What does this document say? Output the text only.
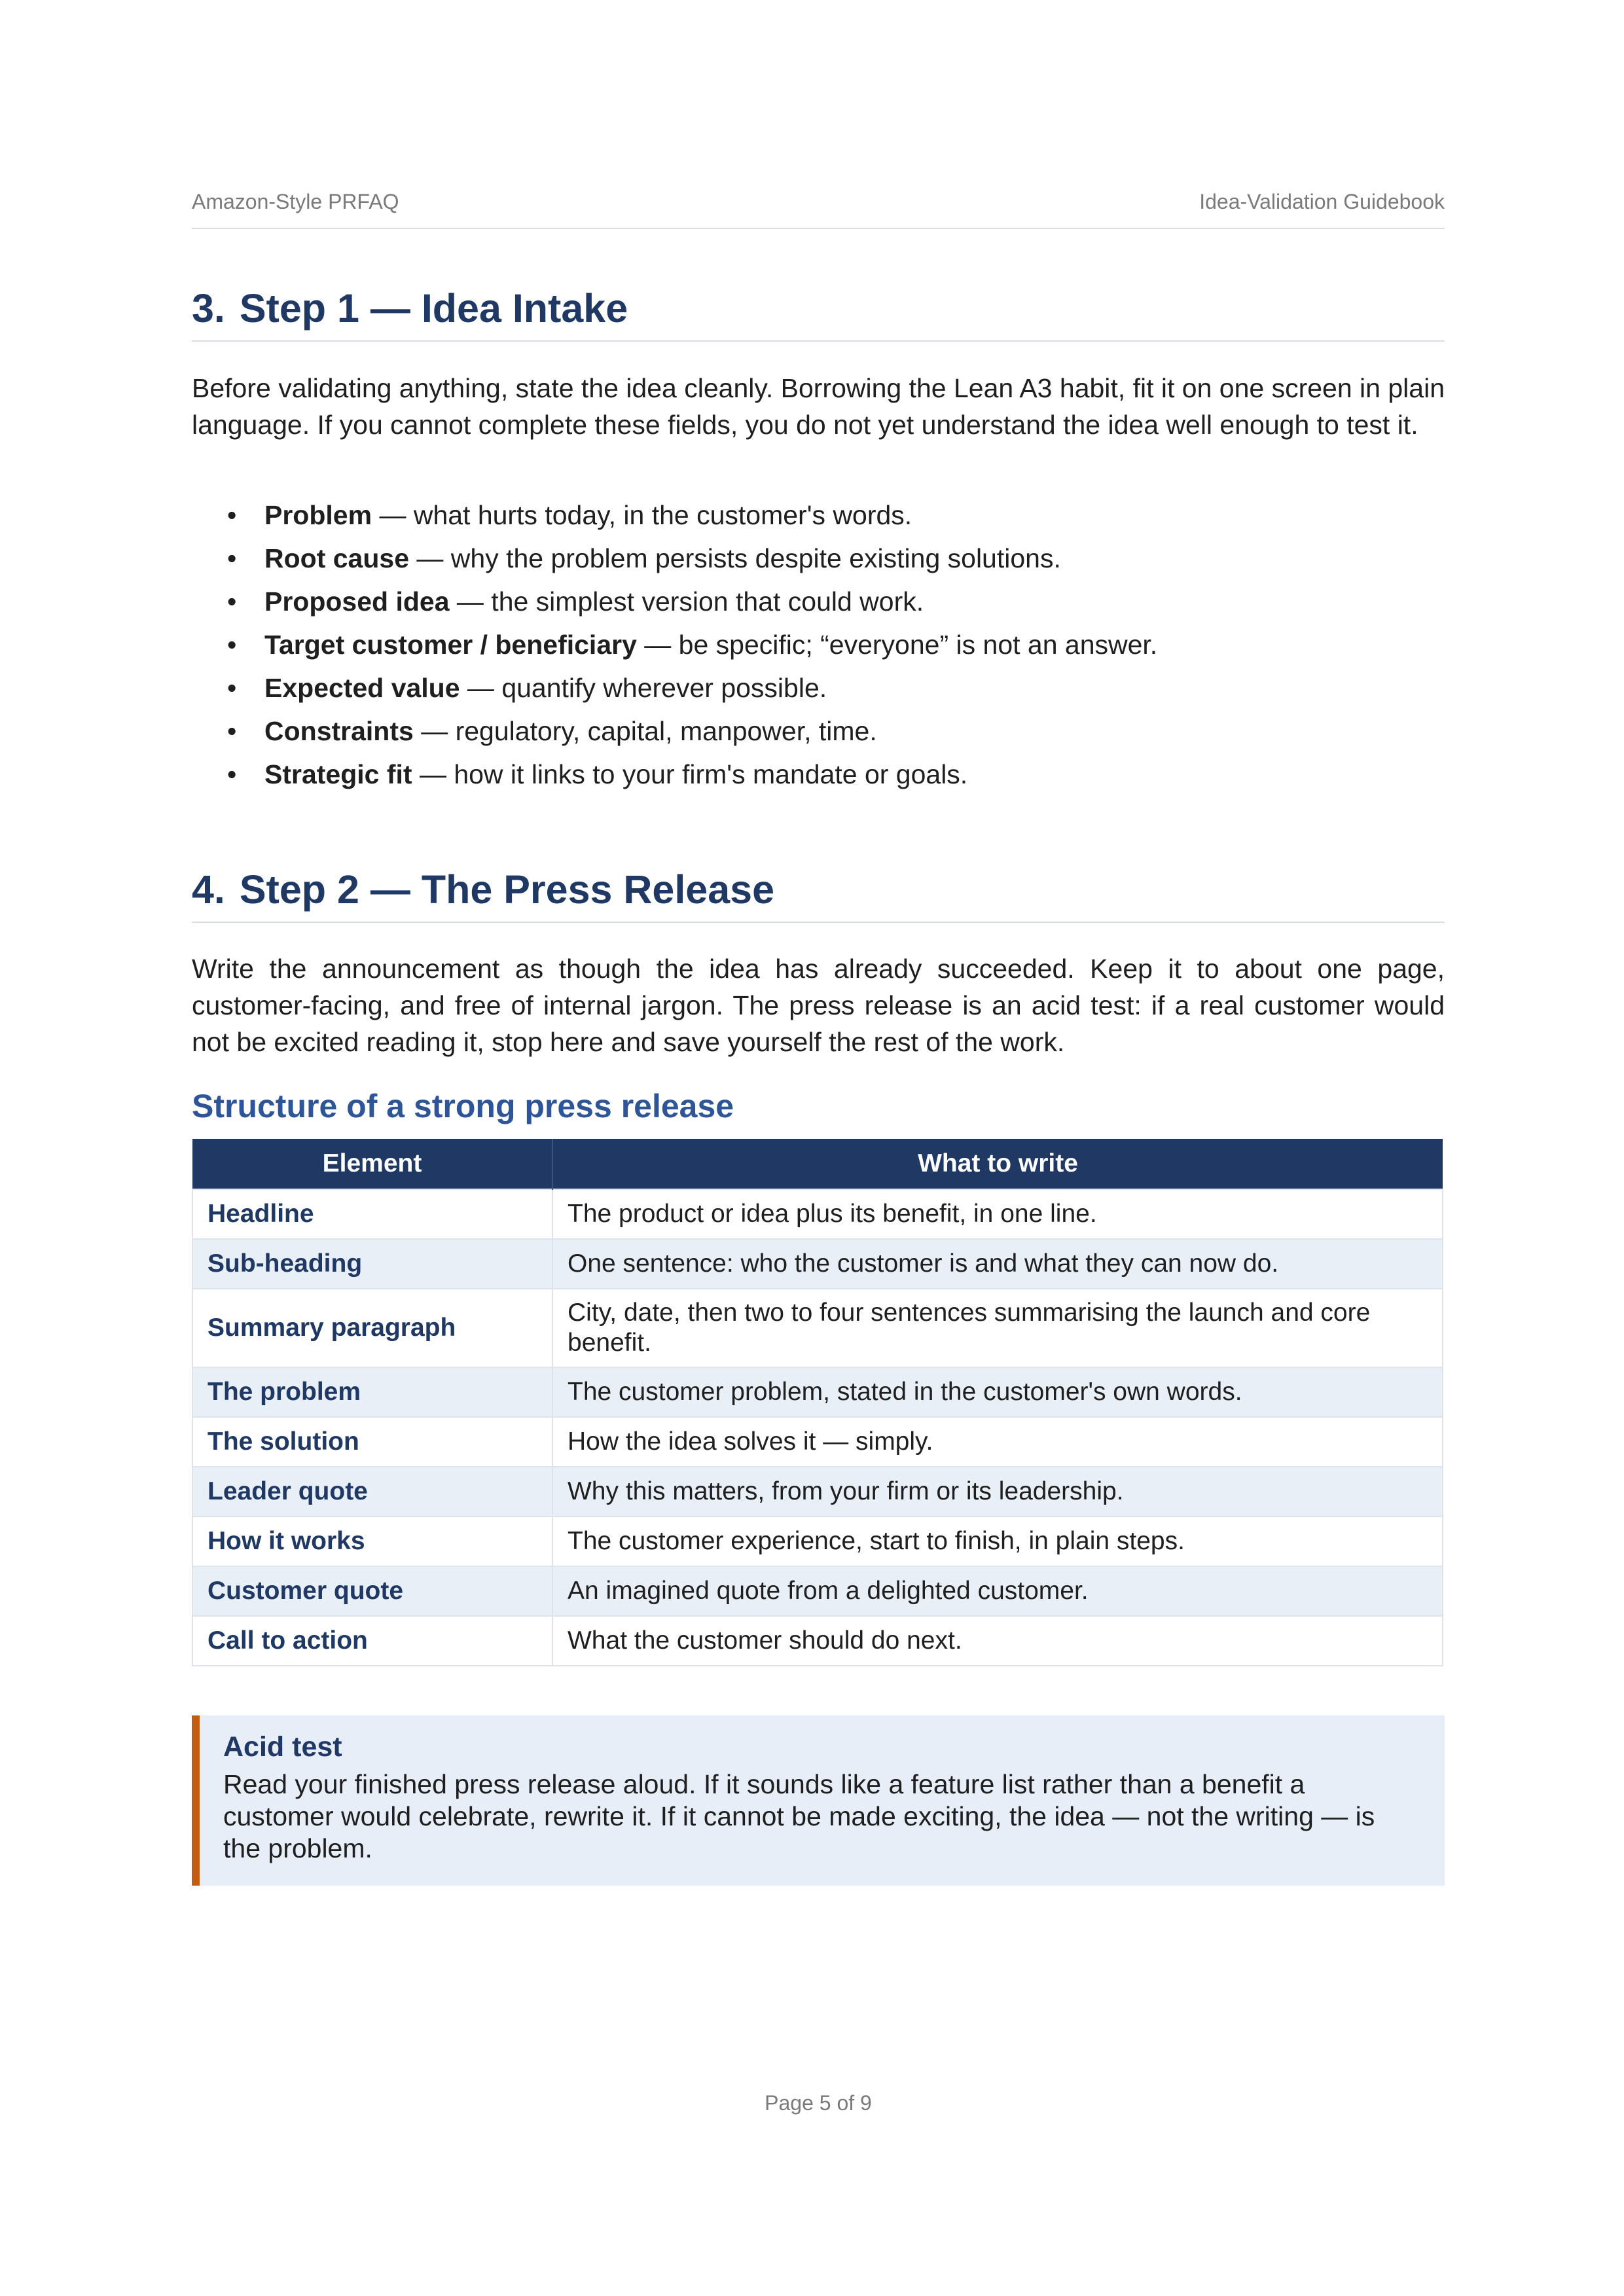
Amazon-Style PRFAQ	Idea-Validation Guidebook
3. Step 1 — Idea Intake

Before validating anything, state the idea cleanly. Borrowing the Lean A3 habit, fit it on one screen in plain language. If you cannot complete these fields, you do not yet understand the idea well enough to test it.

• Problem — what hurts today, in the customer's words.
• Root cause — why the problem persists despite existing solutions.
• Proposed idea — the simplest version that could work.
• Target customer / beneficiary — be specific; “everyone” is not an answer.
• Expected value — quantify wherever possible.
• Constraints — regulatory, capital, manpower, time.
• Strategic fit — how it links to your firm's mandate or goals.
4. Step 2 — The Press Release

Write the announcement as though the idea has already succeeded. Keep it to about one page, customer-facing, and free of internal jargon. The press release is an acid test: if a real customer would not be excited reading it, stop here and save yourself the rest of the work.

Structure of a strong press release
Element	What to write
Headline	The product or idea plus its benefit, in one line.
Sub-heading	One sentence: who the customer is and what they can now do.
Summary paragraph	City, date, then two to four sentences summarising the launch and core benefit.
The problem	The customer problem, stated in the customer's own words.
The solution	How the idea solves it — simply.
Leader quote	Why this matters, from your firm or its leadership.
How it works	The customer experience, start to finish, in plain steps.
Customer quote	An imagined quote from a delighted customer.
Call to action	What the customer should do next.
Acid test
Read your finished press release aloud. If it sounds like a feature list rather than a benefit a customer would celebrate, rewrite it. If it cannot be made exciting, the idea — not the writing — is the problem.
Page 5 of 9
